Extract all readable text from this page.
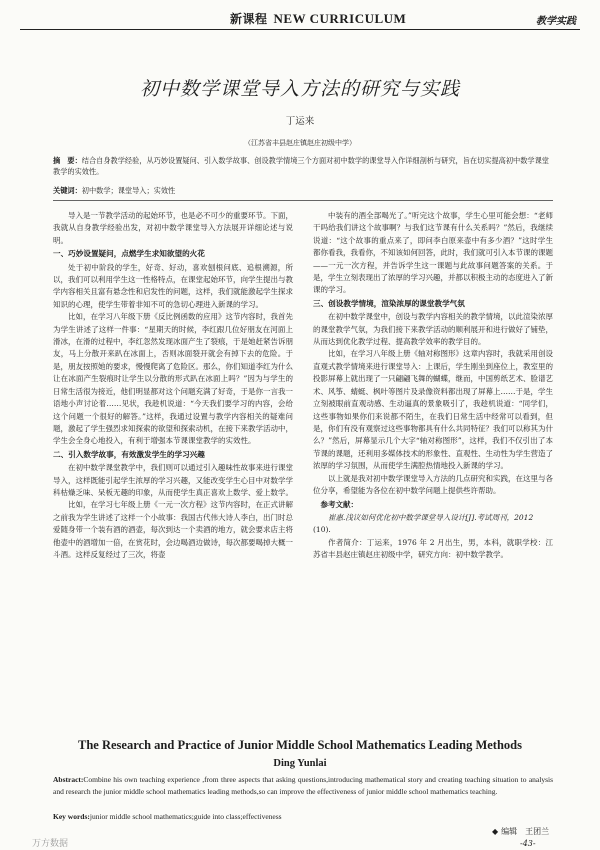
新课程 NEW CURRICULUM	教学实践
初中数学课堂导入方法的研究与实践
丁运来
（江苏省丰县赵庄镇赵庄初级中学）
摘　要：结合自身教学经验，从巧妙设置疑问、引入数学故事、创设教学情境三个方面对初中数学的课堂导入作详细剖析与研究，旨在切实提高初中数学课堂教学的实效性。
关键词：初中数学；课堂导入；实效性

导入是一节教学活动的起始环节，也是必不可少的重要环节。下面，我就从自身教学经验出发，对初中数学课堂导入方法展开详细论述与说明。

一、巧妙设置疑问，点燃学生求知欲望的火花

处于初中阶段的学生，好奇、好动，喜欢刨根问底、追根溯源，所以，我们可以利用学生这一性格特点，在课堂起始环节，向学生提出与教学内容相关且富有悬念性和启发性的问题，这样，我们就能激起学生探求知识的心理，使学生带着非知不可的急切心理进入新课的学习。

比如，在学习八年级下册《反比例函数的应用》这节内容时，我首先为学生讲述了这样一件事：“星期天的时候，李红跟几位好朋友在河面上滑冰，在滑的过程中，李红忽然发现冰面产生了裂痕，于是她赶紧告诉朋友，马上分散开来趴在冰面上，否则冰面裂开就会有掉下去的危险。于是，朋友按照她的要求，慢慢爬离了危险区。那么，你们知道李红为什么让在冰面产生裂痕时让学生以分散的形式趴在冰面上吗？”因为与学生的日常生活很为接近，他们明显都对这个问题充满了好奇，于是你一言我一语地小声讨论着……见状，我趁机说道：“今天我们要学习的内容，会给这个问题一个很好的解答。”这样，我通过设置与教学内容相关的疑难问题，激起了学生强烈求知探索的欲望和探索动机，在接下来教学活动中，学生会全身心地投入，有利于增强本节课课堂教学的实效性。

二、引入数学故事，有效激发学生的学习兴趣

在初中数学课堂教学中，我们则可以通过引入趣味性故事来进行课堂导入，这样既能引起学生浓厚的学习兴趣，又能改变学生心目中对数学学科枯燥乏味、呆板无趣的印象，从而使学生真正喜欢上数学、爱上数学。

比如，在学习七年级上册《一元一次方程》这节内容时，在正式讲解之前我为学生讲述了这样一个小故事：我国古代伟大诗人李白，出门时总爱随身带一个装有酒的酒壶，每次到达一个卖酒的地方，就会要求店主将他壶中的酒增加一倍，在赏花时，会边喝酒边做诗，每次都要喝掉大概一斗酒。这样反复经过了三次，将壶

中装有的酒全部喝光了。”听完这个故事，学生心里可能会想：“老师干吗给我们讲这个故事啊？与我们这节课有什么关系吗？”然后，我继续说道：“这个故事的重点来了，即问李白原来壶中有多少酒？”这时学生都你看我，我看你，不知该如何回答，此时，我们就可引入本节课的课题——一元一次方程，并告诉学生这一课题与此故事问题答案的关系。于是，学生立刻表现出了浓厚的学习兴趣，并都以积极主动的态度进入了新课的学习。

三、创设教学情境，渲染浓厚的课堂教学气氛

在初中数学课堂中，创设与教学内容相关的教学情境，以此渲染浓厚的课堂教学气氛，为我们接下来教学活动的顺利展开和进行做好了铺垫，从而达到优化教学过程、提高教学效率的教学目的。

比如，在学习八年级上册《轴对称图形》这章内容时，我就采用创设直观式教学情境来进行课堂导入：上课后，学生刚坐到座位上，教室里的投影屏幕上就出现了一只翩翩飞舞的蝴蝶，继而，中国剪纸艺术、脸谱艺术、风筝、蜻蜓、枫叶等图片及录像资料都出现了屏幕上……于是，学生立刻被眼前直观动感、生动逼真的景象吸引了，我趁机说道：“同学们，这些事物如果你们来说都不陌生，在我们日常生活中经常可以看到，但是，你们有没有观察过这些事物都具有什么共同特征？我们可以称其为什么？”然后，屏幕显示几个大字“轴对称图形”，这样，我们不仅引出了本节课的课题，还利用多媒体技术的形象性、直观性、生动性为学生营造了浓厚的学习氛围，从而使学生满腔热情地投入新课的学习。

以上就是我对初中数学课堂导入方法的几点研究和实践，在这里与各位分享，希望能为各位在初中数学问题上提供些许帮助。

参考文献：

崔惠.浅议如何优化初中数学课堂导入设计[J].考试周刊，2012

(10).

作者简介：丁运来，1976 年 2 月出生，男，本科，就职学校：江苏省丰县赵庄镇赵庄初级中学，研究方向：初中数学教学。

The Research and Practice of Junior Middle School Mathematics Leading Methods
Ding Yunlai
Abstract:Combine his own teaching experience ,from three aspects that asking questions,introducing mathematical story and creating teaching situation to analysis and research the junior middle school mathematics leading methods,so can improve the effectiveness of junior middle school mathematics teaching.
Key words:junior middle school mathematics;guide into class;effectiveness
◆ 编辑　王团兰
-43-
万方数据
